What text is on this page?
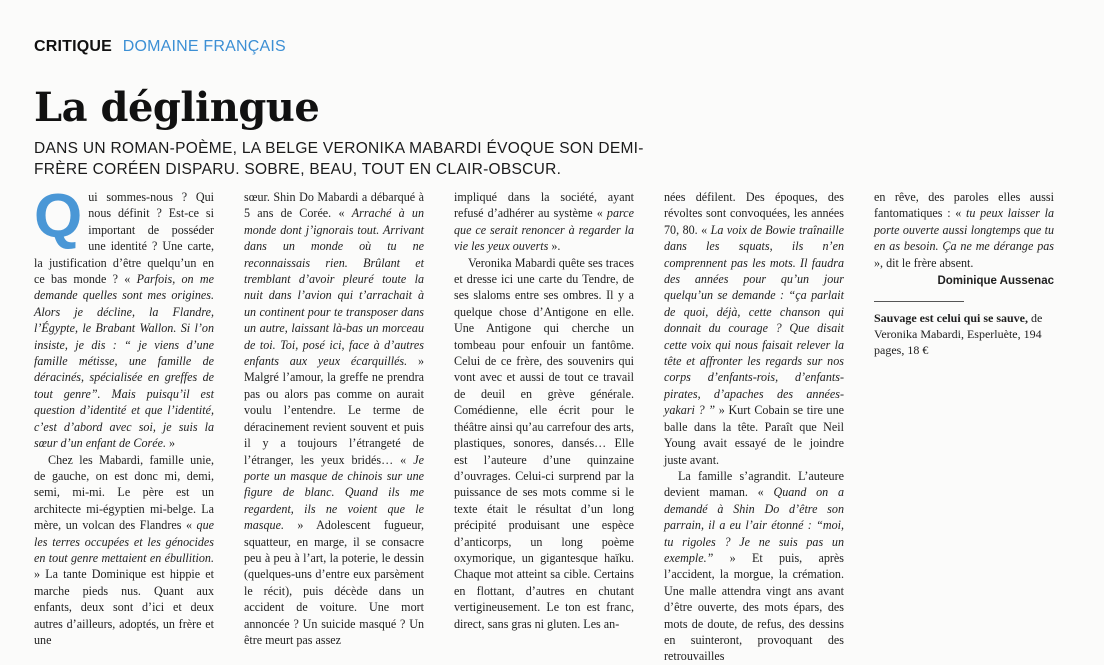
CRITIQUE DOMAINE FRANÇAIS
La déglingue

DANS UN ROMAN-POÈME, LA BELGE VERONIKA MABARDI ÉVOQUE SON DEMI-FRÈRE CORÉEN DISPARU. SOBRE, BEAU, TOUT EN CLAIR-OBSCUR.

Qui sommes-nous ? Qui nous définit ? Est-ce si important de posséder une identité ? Une carte, la justification d’être quelqu’un en ce bas monde ? « Parfois, on me demande quelles sont mes origines. Alors je décline, la Flandre, l’Égypte, le Brabant Wallon. Si l’on insiste, je dis : “ je viens d’une famille métisse, une famille de déracinés, spécialisée en greffes de tout genre”. Mais puisqu’il est question d’identité et que l’identité, c’est d’abord avec soi, je suis la sœur d’un enfant de Corée. »

Chez les Mabardi, famille unie, de gauche, on est donc mi, demi, semi, mi-mi. Le père est un architecte mi-égyptien mi-belge. La mère, un volcan des Flandres « que les terres occupées et les génocides en tout genre mettaient en ébullition. » La tante Dominique est hippie et marche pieds nus. Quant aux enfants, deux sont d’ici et deux autres d’ailleurs, adoptés, un frère et une

sœur. Shin Do Mabardi a débarqué à 5 ans de Corée. « Arraché à un monde dont j’ignorais tout. Arrivant dans un monde où tu ne reconnaissais rien. Brûlant et tremblant d’avoir pleuré toute la nuit dans l’avion qui t’arrachait à un continent pour te transposer dans un autre, laissant là-bas un morceau de toi. Toi, posé ici, face à d’autres enfants aux yeux écarquillés. » Malgré l’amour, la greffe ne prendra pas ou alors pas comme on aurait voulu l’entendre. Le terme de déracinement revient souvent et puis il y a toujours l’étrangeté de l’étranger, les yeux bridés… « Je porte un masque de chinois sur une figure de blanc. Quand ils me regardent, ils ne voient que le masque. » Adolescent fugueur, squatteur, en marge, il se consacre peu à peu à l’art, la poterie, le dessin (quelques-uns d’entre eux parsèment le récit), puis décède dans un accident de voiture. Une mort annoncée ? Un suicide masqué ? Un être meurt pas assez

impliqué dans la société, ayant refusé d’adhérer au système « parce que ce serait renoncer à regarder la vie les yeux ouverts ».

Veronika Mabardi quête ses traces et dresse ici une carte du Tendre, de ses slaloms entre ses ombres. Il y a quelque chose d’Antigone en elle. Une Antigone qui cherche un tombeau pour enfouir un fantôme. Celui de ce frère, des souvenirs qui vont avec et aussi de tout ce travail de deuil en grève générale. Comédienne, elle écrit pour le théâtre ainsi qu’au carrefour des arts, plastiques, sonores, dansés… Elle est l’auteure d’une quinzaine d’ouvrages. Celui-ci surprend par la puissance de ses mots comme si le texte était le résultat d’un long précipité produisant une espèce d’anticorps, un long poème oxymorique, un gigantesque haïku. Chaque mot atteint sa cible. Certains en flottant, d’autres en chutant vertigineusement. Le ton est franc, direct, sans gras ni gluten. Les an-

nées défilent. Des époques, des révoltes sont convoquées, les années 70, 80. « La voix de Bowie traînaille dans les squats, ils n’en comprennent pas les mots. Il faudra des années pour qu’un jour quelqu’un se demande : “ça parlait de quoi, déjà, cette chanson qui donnait du courage ? Que disait cette voix qui nous faisait relever la tête et affronter les regards sur nos corps d’enfants-rois, d’enfants-pirates, d’apaches des années-yakari ? ” » Kurt Cobain se tire une balle dans la tête. Paraît que Neil Young avait essayé de le joindre juste avant.

La famille s’agrandit. L’auteure devient maman. « Quand on a demandé à Shin Do d’être son parrain, il a eu l’air étonné : “moi, tu rigoles ? Je ne suis pas un exemple.” » Et puis, après l’accident, la morgue, la crémation. Une malle attendra vingt ans avant d’être ouverte, des mots épars, des mots de doute, de refus, des dessins en suinteront, provoquant des retrouvailles

en rêve, des paroles elles aussi fantomatiques : « tu peux laisser la porte ouverte aussi longtemps que tu en as besoin. Ça ne me dérange pas », dit le frère absent.

Dominique Aussenac
Sauvage est celui qui se sauve, de Veronika Mabardi, Esperluète, 194 pages, 18 €
